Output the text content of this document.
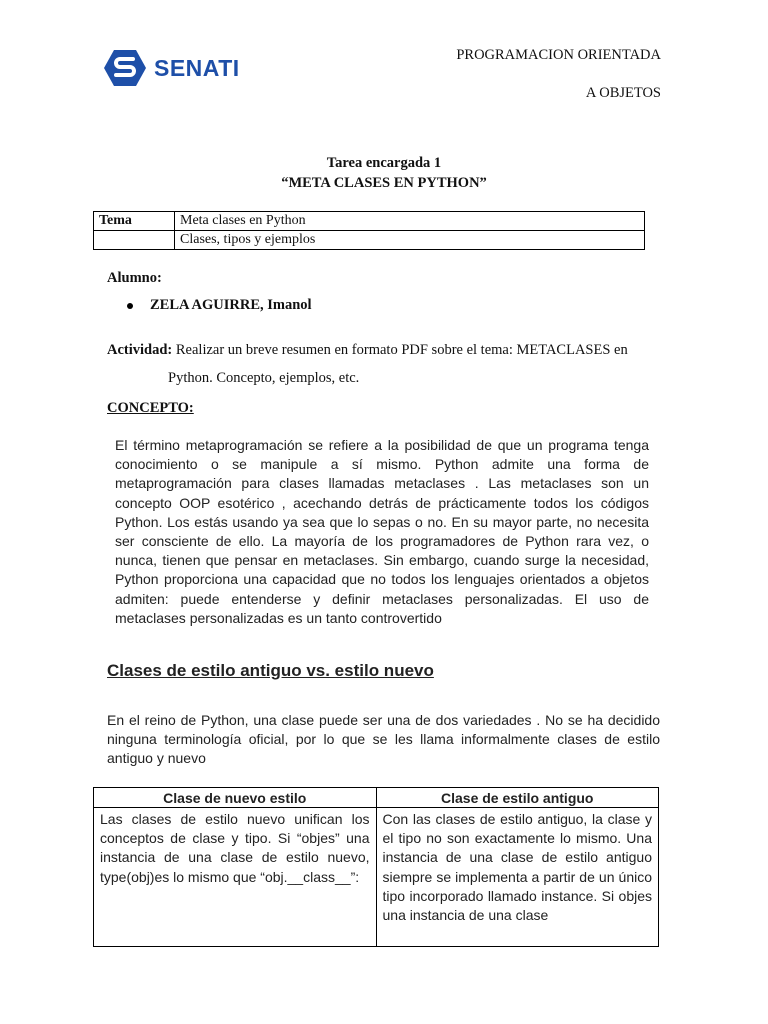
SENATI	PROGRAMACION ORIENTADA
A OBJETOS
Tarea encargada 1
“META CLASES EN PYTHON”
Tema	Meta clases en Python
	Clases, tipos y ejemplos
Alumno:
ZELA AGUIRRE, Imanol
Actividad: Realizar un breve resumen en formato PDF sobre el tema: METACLASES en
Python. Concepto, ejemplos, etc.
CONCEPTO:
El término metaprogramación se refiere a la posibilidad de que un programa tenga conocimiento o se manipule a sí mismo. Python admite una forma de metaprogramación para clases llamadas metaclases . Las metaclases son un concepto OOP esotérico , acechando detrás de prácticamente todos los códigos Python. Los estás usando ya sea que lo sepas o no. En su mayor parte, no necesita ser consciente de ello. La mayoría de los programadores de Python rara vez, o nunca, tienen que pensar en metaclases. Sin embargo, cuando surge la necesidad, Python proporciona una capacidad que no todos los lenguajes orientados a objetos admiten: puede entenderse y definir metaclases personalizadas. El uso de metaclases personalizadas es un tanto controvertido
Clases de estilo antiguo vs. estilo nuevo
En el reino de Python, una clase puede ser una de dos variedades . No se ha decidido ninguna terminología oficial, por lo que se les llama informalmente clases de estilo antiguo y nuevo
Clase de nuevo estilo	Clase de estilo antiguo

Las clases de estilo nuevo unifican los conceptos de clase y tipo. Si “objes” una instancia de una clase de estilo nuevo, type(obj)es lo mismo que “obj.__class__”:	Con las clases de estilo antiguo, la clase y el tipo no son exactamente lo mismo. Una instancia de una clase de estilo antiguo siempre se implementa a partir de un único tipo incorporado llamado instance. Si objes una instancia de una clase
